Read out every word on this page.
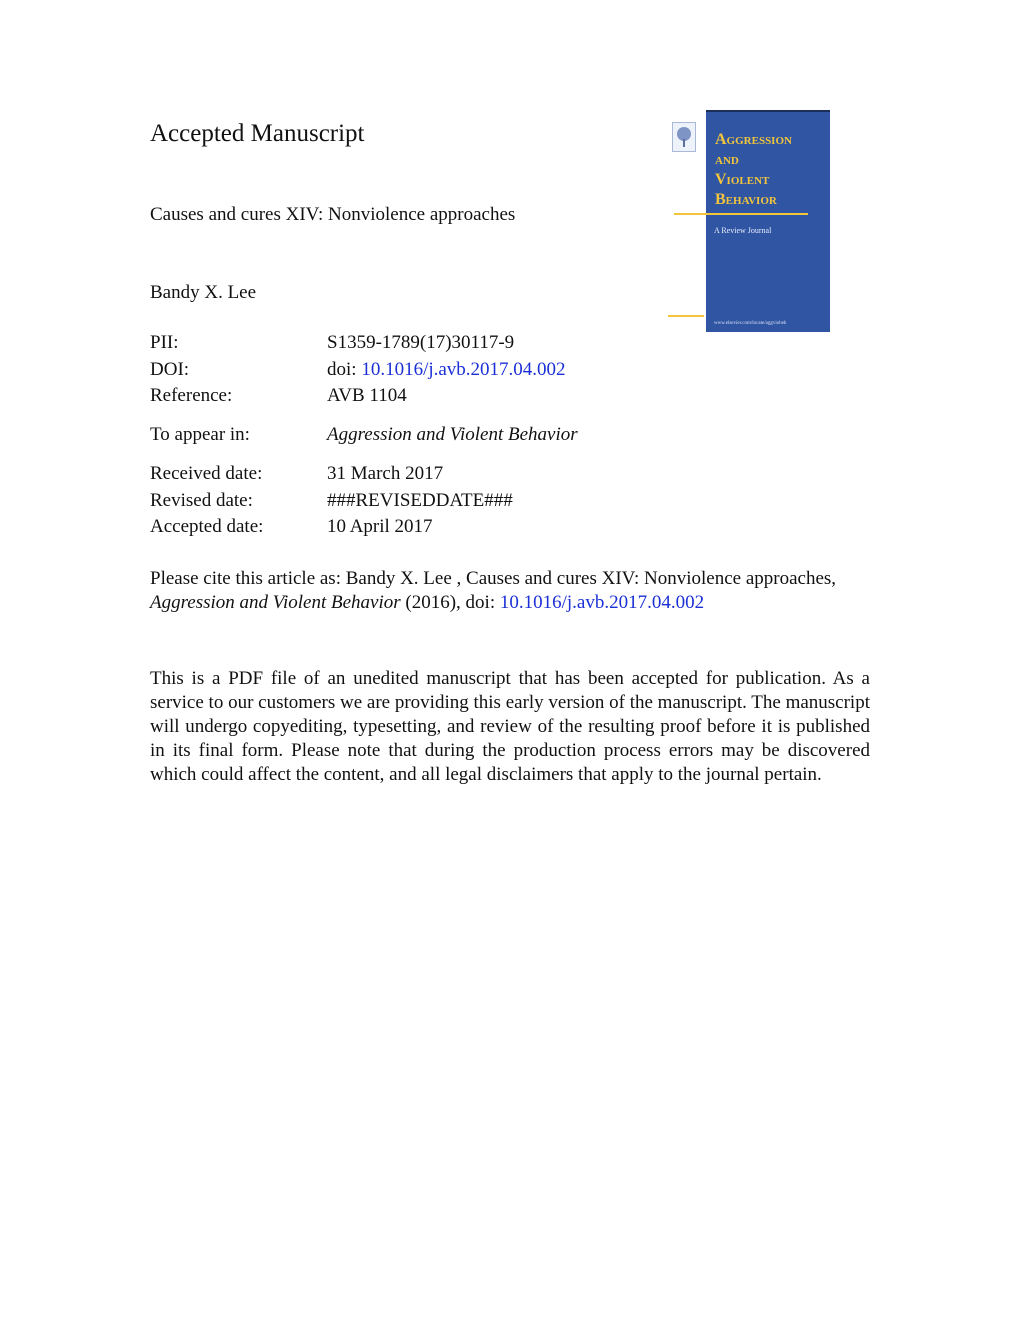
Accepted Manuscript
Causes and cures XIV: Nonviolence approaches
Bandy X. Lee
Aggression
and
Violent
Behavior
A Review Journal
www.elsevier.com/locate/aggviobeh
PII:	S1359-1789(17)30117-9
DOI:	doi: 10.1016/j.avb.2017.04.002
Reference:	AVB 1104
To appear in:	Aggression and Violent Behavior
Received date:	31 March 2017
Revised date:	###REVISEDDATE###
Accepted date:	10 April 2017
Please cite this article as: Bandy X. Lee , Causes and cures XIV: Nonviolence approaches,
Aggression and Violent Behavior (2016), doi: 10.1016/j.avb.2017.04.002
This is a PDF file of an unedited manuscript that has been accepted for publication. As a service to our customers we are providing this early version of the manuscript. The manuscript will undergo copyediting, typesetting, and review of the resulting proof before it is published in its final form. Please note that during the production process errors may be discovered which could affect the content, and all legal disclaimers that apply to the journal pertain.
